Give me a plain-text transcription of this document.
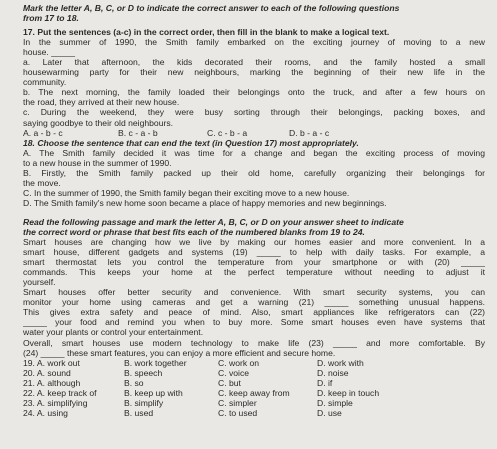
Mark the letter A, B, C, or D to indicate the correct answer to each of the following questions
from 17 to 18.
17. Put the sentences (a-c) in the correct order, then fill in the blank to make a logical text.
In the summer of 1990, the Smith family embarked on the exciting journey of moving to a new
house. _____
a. Later that afternoon, the kids decorated their rooms, and the family hosted a small
housewarming party for their new neighbours, marking the beginning of their new life in the
community.
b. The next morning, the family loaded their belongings onto the truck, and after a few hours on
the road, they arrived at their new house.
c. During the weekend, they were busy sorting through their belongings, packing boxes, and
saying goodbye to their old neighbours.
A. a - b - c	B. c - a - b	C. c - b - a	D. b - a - c
18. Choose the sentence that can end the text (in Question 17) most appropriately.
A. The Smith family decided it was time for a change and began the exciting process of moving
to a new house in the summer of 1990.
B. Firstly, the Smith family packed up their old home, carefully organizing their belongings for
the move.
C. In the summer of 1990, the Smith family began their exciting move to a new house.
D. The Smith family's new home soon became a place of happy memories and new beginnings.
Read the following passage and mark the letter A, B, C, or D on your answer sheet to indicate
the correct word or phrase that best fits each of the numbered blanks from 19 to 24.
Smart houses are changing how we live by making our homes easier and more convenient. In a
smart house, different gadgets and systems (19) _____ to help with daily tasks. For example, a
smart thermostat lets you control the temperature from your smartphone or with (20) _____
commands. This keeps your home at the perfect temperature without needing to adjust it
yourself.
Smart houses offer better security and convenience. With smart security systems, you can
monitor your home using cameras and get a warning (21) _____ something unusual happens.
This gives extra safety and peace of mind. Also, smart appliances like refrigerators can (22)
_____ your food and remind you when to buy more. Some smart houses even have systems that
water your plants or control your entertainment.
Overall, smart houses use modern technology to make life (23) _____ and more comfortable. By
(24) _____ these smart features, you can enjoy a more efficient and secure home.
19. A. work out	B. work together	C. work on	D. work with
20. A. sound	B. speech	C. voice	D. noise
21. A. although	B. so	C. but	D. if
22. A. keep track of	B. keep up with	C. keep away from	D. keep in touch
23. A. simplifying	B. simplify	C. simpler	D. simple
24. A. using	B. used	C. to used	D. use
